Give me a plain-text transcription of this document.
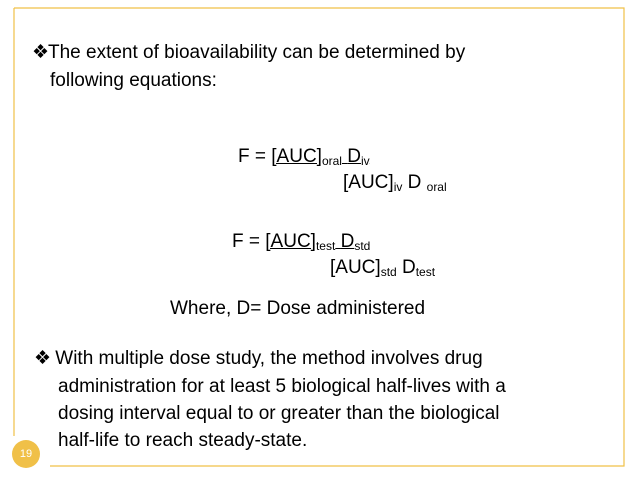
❖The extent of bioavailability can be determined by
following equations:
$F = [AUC]_{oral}$ $D_{iv}$
$[AUC]_{iv}$ D $_{oral}$
$F = [AUC]_{test}$ $D_{std}$
$[AUC]_{std}$ $D_{test}$
Where, D= Dose administered
❖ With multiple dose study, the method involves drug
administration for at least 5 biological half-lives with a
dosing interval equal to or greater than the biological
half-life to reach steady-state.
19
